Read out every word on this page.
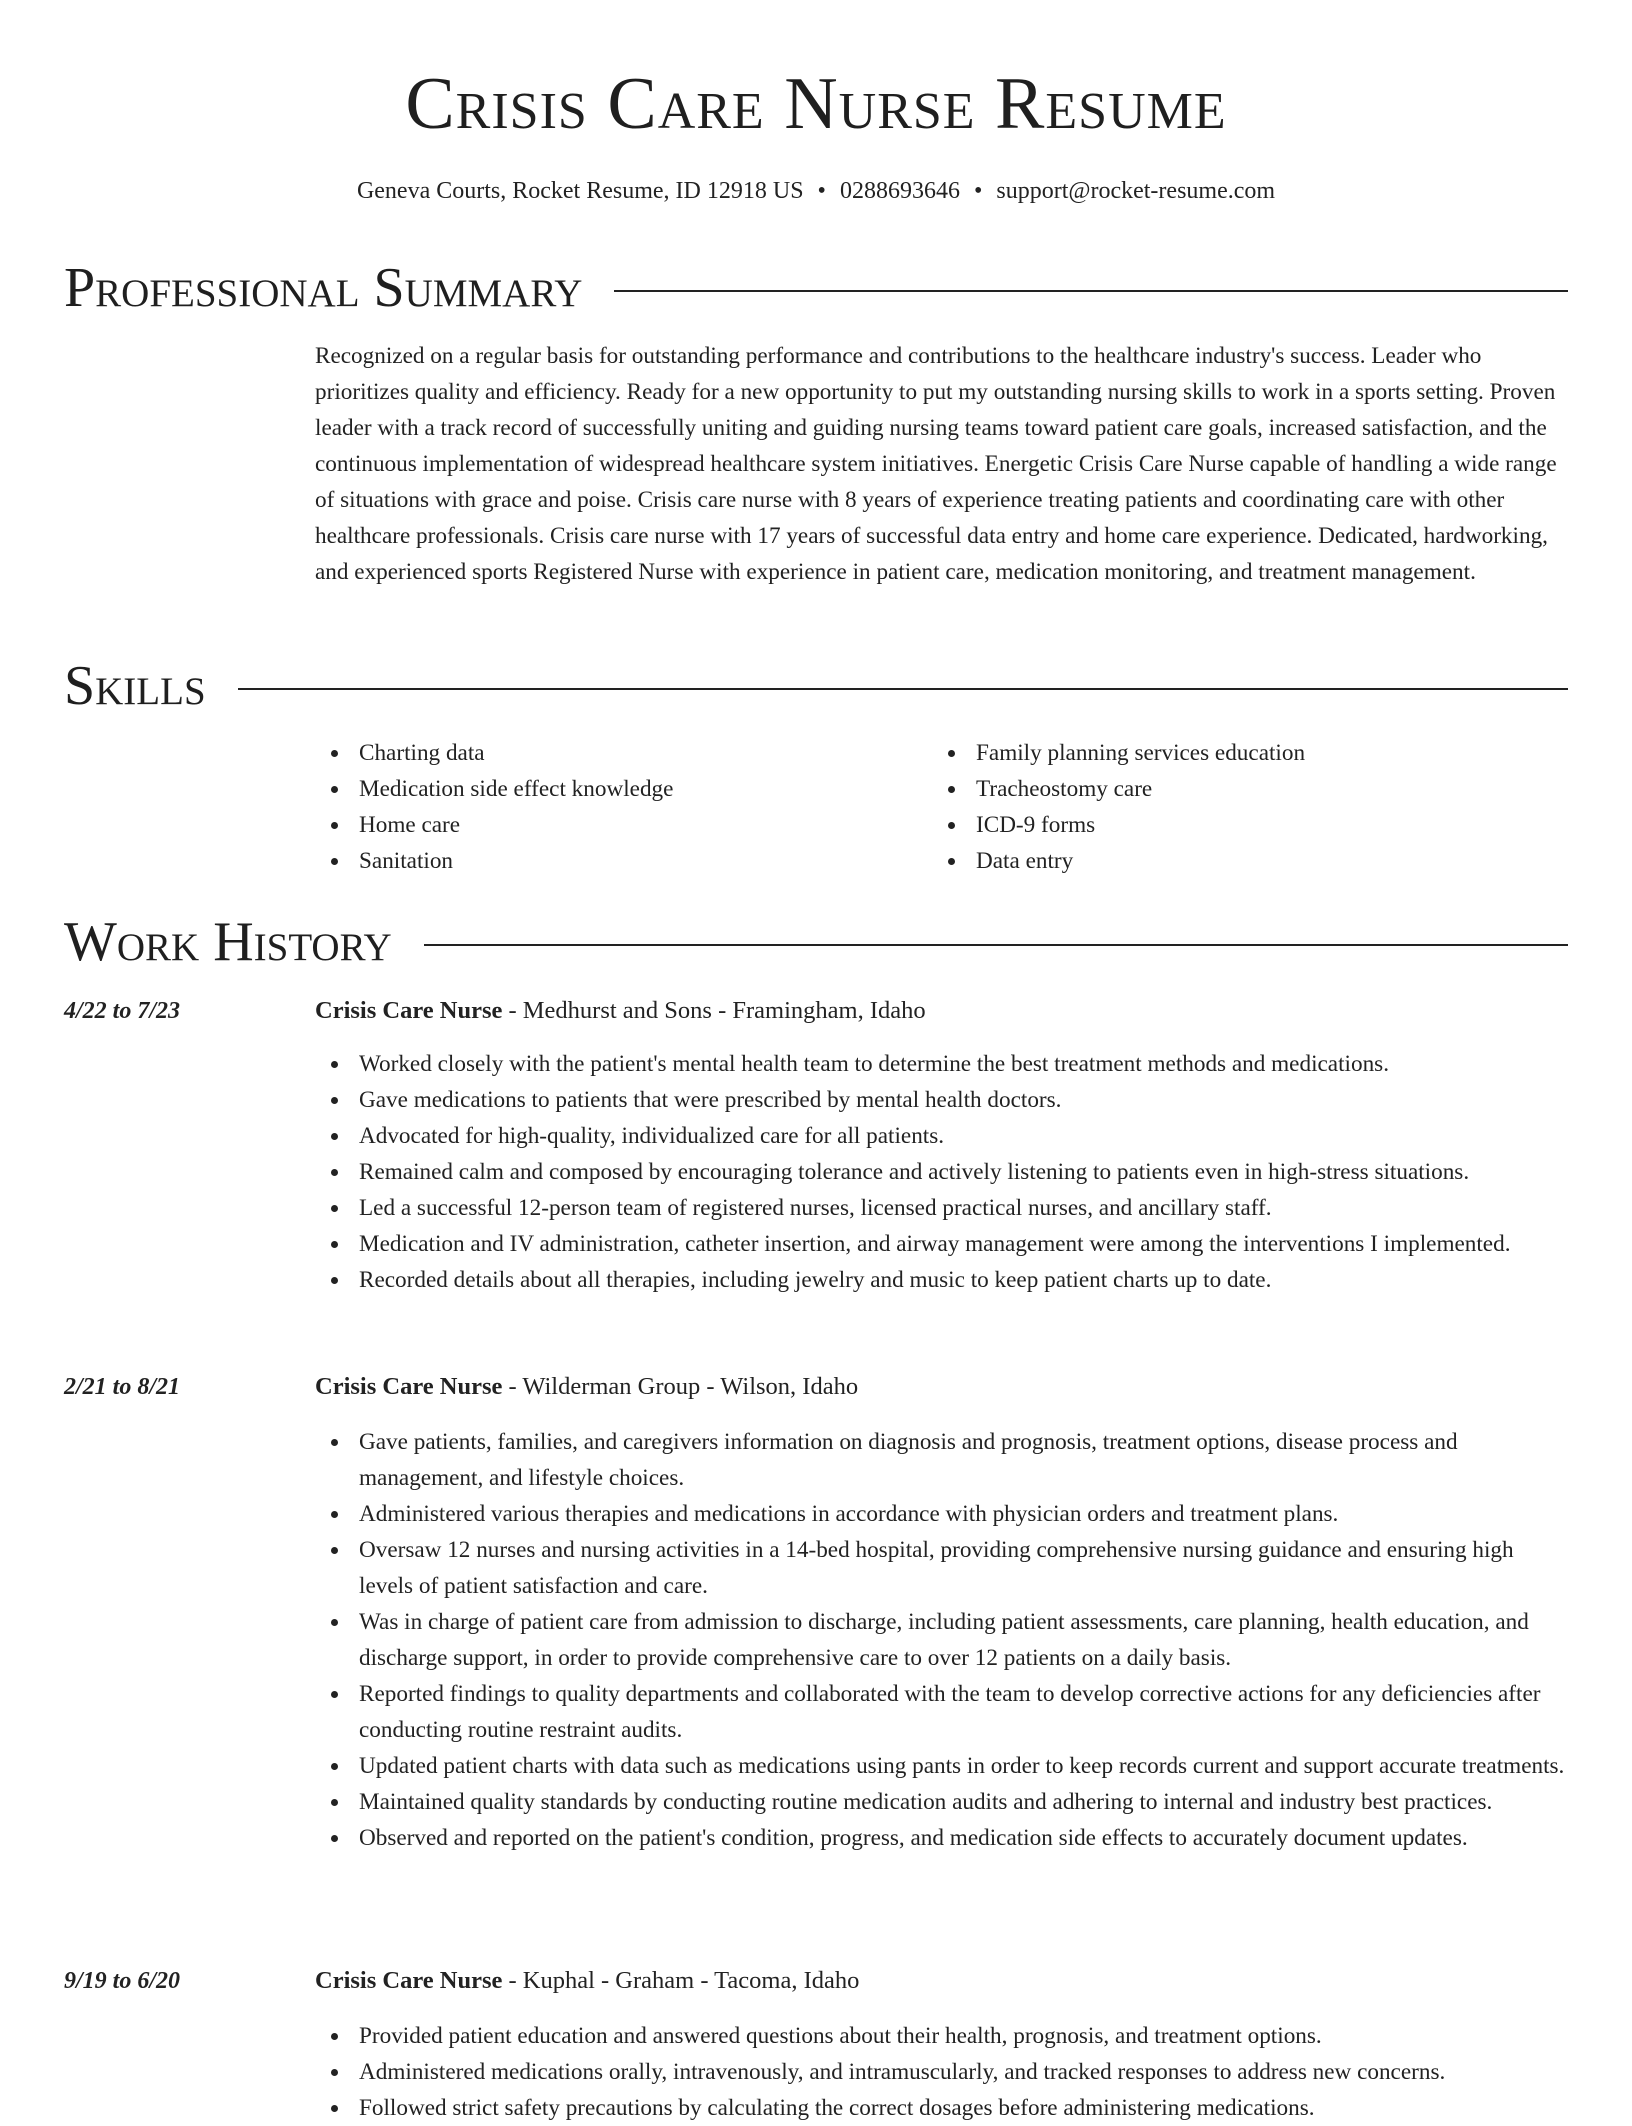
Crisis Care Nurse Resume
Geneva Courts, Rocket Resume, ID 12918 US • 0288693646 • support@rocket-resume.com
Professional Summary

Recognized on a regular basis for outstanding performance and contributions to the healthcare industry's success. Leader who prioritizes quality and efficiency. Ready for a new opportunity to put my outstanding nursing skills to work in a sports setting. Proven leader with a track record of successfully uniting and guiding nursing teams toward patient care goals, increased satisfaction, and the continuous implementation of widespread healthcare system initiatives. Energetic Crisis Care Nurse capable of handling a wide range of situations with grace and poise. Crisis care nurse with 8 years of experience treating patients and coordinating care with other healthcare professionals. Crisis care nurse with 17 years of successful data entry and home care experience. Dedicated, hardworking, and experienced sports Registered Nurse with experience in patient care, medication monitoring, and treatment management.

Skills
Charting data
Medication side effect knowledge
Home care
Sanitation
Family planning services education
Tracheostomy care
ICD-9 forms
Data entry
Work History
4/22 to 7/23	Crisis Care Nurse - Medhurst and Sons - Framingham, Idaho
Worked closely with the patient's mental health team to determine the best treatment methods and medications.
Gave medications to patients that were prescribed by mental health doctors.
Advocated for high-quality, individualized care for all patients.
Remained calm and composed by encouraging tolerance and actively listening to patients even in high-stress situations.
Led a successful 12-person team of registered nurses, licensed practical nurses, and ancillary staff.
Medication and IV administration, catheter insertion, and airway management were among the interventions I implemented.
Recorded details about all therapies, including jewelry and music to keep patient charts up to date.
2/21 to 8/21	Crisis Care Nurse - Wilderman Group - Wilson, Idaho
Gave patients, families, and caregivers information on diagnosis and prognosis, treatment options, disease process and management, and lifestyle choices.
Administered various therapies and medications in accordance with physician orders and treatment plans.
Oversaw 12 nurses and nursing activities in a 14-bed hospital, providing comprehensive nursing guidance and ensuring high levels of patient satisfaction and care.
Was in charge of patient care from admission to discharge, including patient assessments, care planning, health education, and discharge support, in order to provide comprehensive care to over 12 patients on a daily basis.
Reported findings to quality departments and collaborated with the team to develop corrective actions for any deficiencies after conducting routine restraint audits.
Updated patient charts with data such as medications using pants in order to keep records current and support accurate treatments.
Maintained quality standards by conducting routine medication audits and adhering to internal and industry best practices.
Observed and reported on the patient's condition, progress, and medication side effects to accurately document updates.
9/19 to 6/20	Crisis Care Nurse - Kuphal - Graham - Tacoma, Idaho
Provided patient education and answered questions about their health, prognosis, and treatment options.
Administered medications orally, intravenously, and intramuscularly, and tracked responses to address new concerns.
Followed strict safety precautions by calculating the correct dosages before administering medications.
